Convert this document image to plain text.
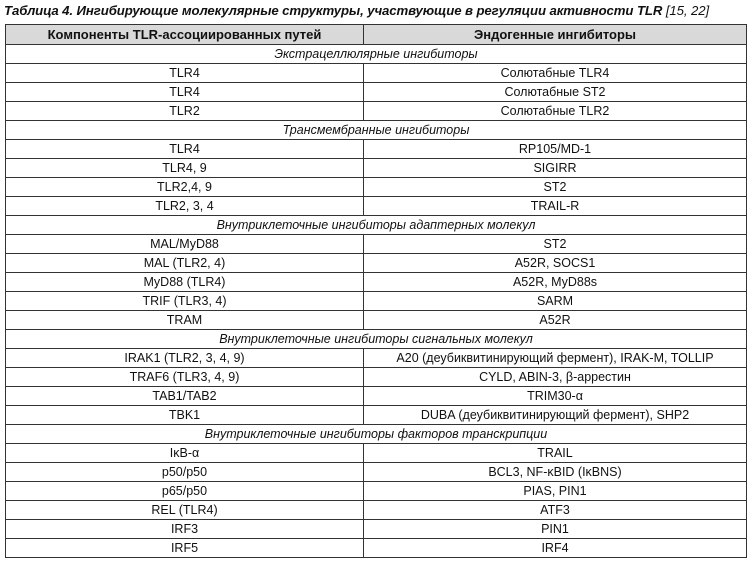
Таблица 4. Ингибирующие молекулярные структуры, участвующие в регуляции активности TLR [15, 22]
Компоненты TLR-ассоциированных путей	Эндогенные ингибиторы
Экстрацеллюлярные ингибиторы	
TLR4	Солютабные TLR4
TLR4	Солютабные ST2
TLR2	Солютабные TLR2
Трансмембранные ингибиторы	
TLR4	RP105/MD-1
TLR4, 9	SIGIRR
TLR2,4, 9	ST2
TLR2, 3, 4	TRAIL-R
Внутриклеточные ингибиторы адаптерных молекул	
MAL/MyD88	ST2
MAL (TLR2, 4)	A52R, SOCS1
MyD88 (TLR4)	A52R, MyD88s
TRIF (TLR3, 4)	SARM
TRAM	A52R
Внутриклеточные ингибиторы сигнальных молекул	
IRAK1 (TLR2, 3, 4, 9)	A20 (деубиквитинирующий фермент), IRAK-M, TOLLIP
TRAF6 (TLR3, 4, 9)	CYLD, ABIN-3, β-аррестин
TAB1/TAB2	TRIM30-α
TBK1	DUBA (деубиквитинирующий фермент), SHP2
Внутриклеточные ингибиторы факторов транскрипции	
IκB-α	TRAIL
p50/p50	BCL3, NF-κBID (IκBNS)
p65/p50	PIAS, PIN1
REL (TLR4)	ATF3
IRF3	PIN1
IRF5	IRF4
